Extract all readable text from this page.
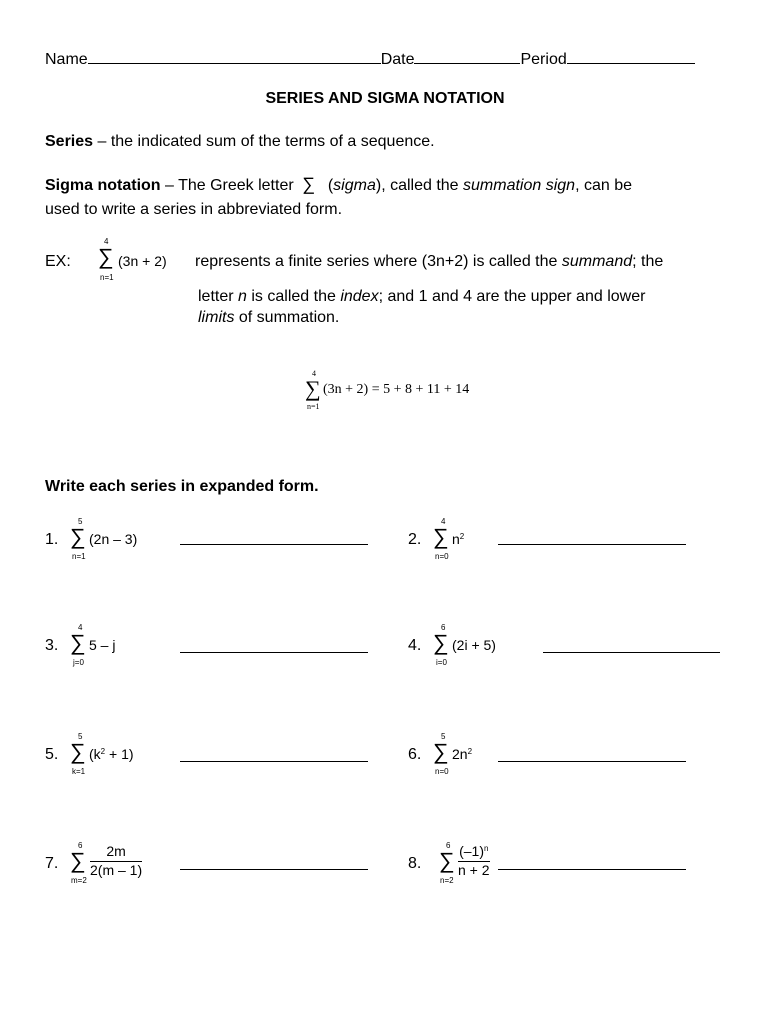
Name	Date	Period
SERIES AND SIGMA NOTATION
Series – the indicated sum of the terms of a sequence.
Sigma notation – The Greek letter ∑  (sigma), called the summation sign, can be
used to write a series in abbreviated form.
EX:
4
∑
n=1
(3n + 2) represents a finite series where (3n+2) is called the summand; the
letter n is called the index; and 1 and 4 are the upper and lower
limits of summation.
4
∑
n=1
(3n + 2) = 5 + 8 + 11 + 14
Write each series in expanded form.
1.
5
∑
n=1
(2n – 3)	2.
4
∑
n=0
$n^2$
3.
4
∑
j=0
5 – j	4.
6
∑
i=0
(2i + 5)
5.
5
∑
k=1
$(k^2 + 1)$	6.
5
∑
n=0
$2n^2$
7.
6
∑
m=2
2m
2(m – 1)	8.
6
∑
n=2
$(-1)^n$
n + 2
